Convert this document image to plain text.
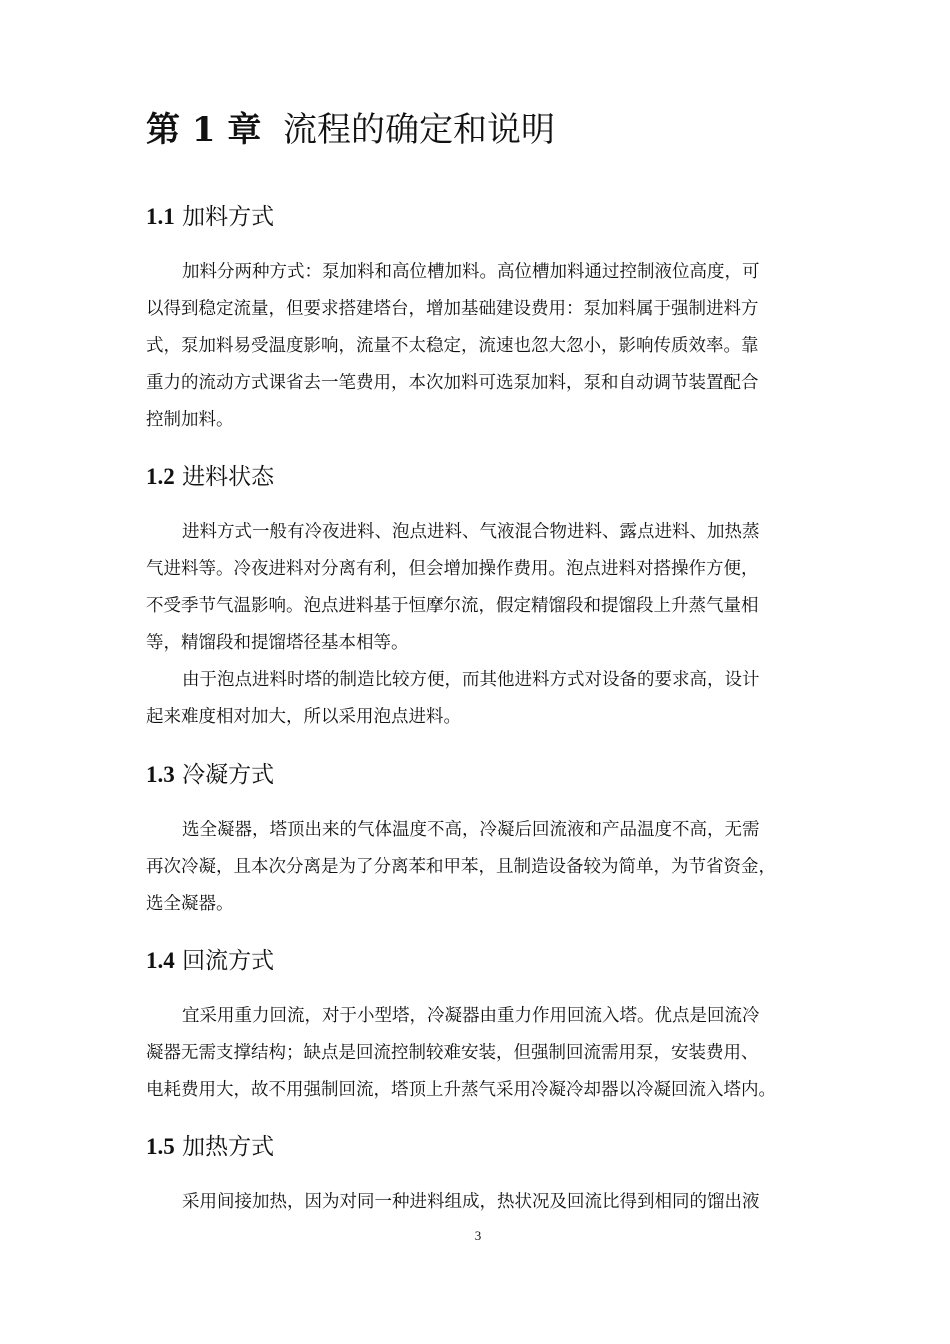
第 1 章 流程的确定和说明
1.1 加料方式
加料分两种方式：泵加料和高位槽加料。高位槽加料通过控制液位高度，可
以得到稳定流量，但要求搭建塔台，增加基础建设费用：泵加料属于强制进料方
式，泵加料易受温度影响，流量不太稳定，流速也忽大忽小，影响传质效率。靠
重力的流动方式课省去一笔费用，本次加料可选泵加料，泵和自动调节装置配合
控制加料。
1.2 进料状态
进料方式一般有冷夜进料、泡点进料、气液混合物进料、露点进料、加热蒸
气进料等。冷夜进料对分离有利，但会增加操作费用。泡点进料对搭操作方便，
不受季节气温影响。泡点进料基于恒摩尔流，假定精馏段和提馏段上升蒸气量相
等，精馏段和提馏塔径基本相等。
由于泡点进料时塔的制造比较方便，而其他进料方式对设备的要求高，设计
起来难度相对加大，所以采用泡点进料。
1.3 冷凝方式
选全凝器，塔顶出来的气体温度不高，冷凝后回流液和产品温度不高，无需
再次冷凝，且本次分离是为了分离苯和甲苯，且制造设备较为简单，为节省资金，
选全凝器。
1.4 回流方式
宜采用重力回流，对于小型塔，冷凝器由重力作用回流入塔。优点是回流冷
凝器无需支撑结构；缺点是回流控制较难安装，但强制回流需用泵，安装费用、
电耗费用大，故不用强制回流，塔顶上升蒸气采用冷凝冷却器以冷凝回流入塔内。
1.5 加热方式
采用间接加热，因为对同一种进料组成，热状况及回流比得到相同的馏出液
3
